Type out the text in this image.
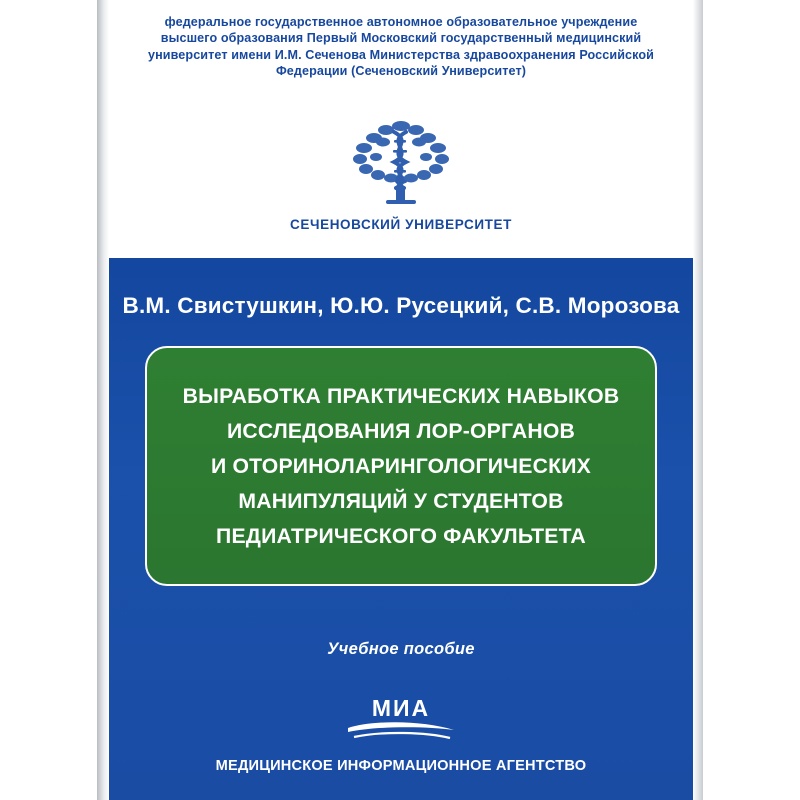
федеральное государственное автономное образовательное учреждение высшего образования Первый Московский государственный медицинский университет имени И.М. Сеченова Министерства здравоохранения Российской Федерации (Сеченовский Университет)
СЕЧЕНОВСКИЙ УНИВЕРСИТЕТ
В.М. Свистушкин, Ю.Ю. Русецкий, С.В. Морозова
ВЫРАБОТКА ПРАКТИЧЕСКИХ НАВЫКОВ
ИССЛЕДОВАНИЯ ЛОР-ОРГАНОВ
И ОТОРИНОЛАРИНГОЛОГИЧЕСКИХ
МАНИПУЛЯЦИЙ У СТУДЕНТОВ
ПЕДИАТРИЧЕСКОГО ФАКУЛЬТЕТА
Учебное пособие
МИА
МЕДИЦИНСКОЕ ИНФОРМАЦИОННОЕ АГЕНТСТВО
